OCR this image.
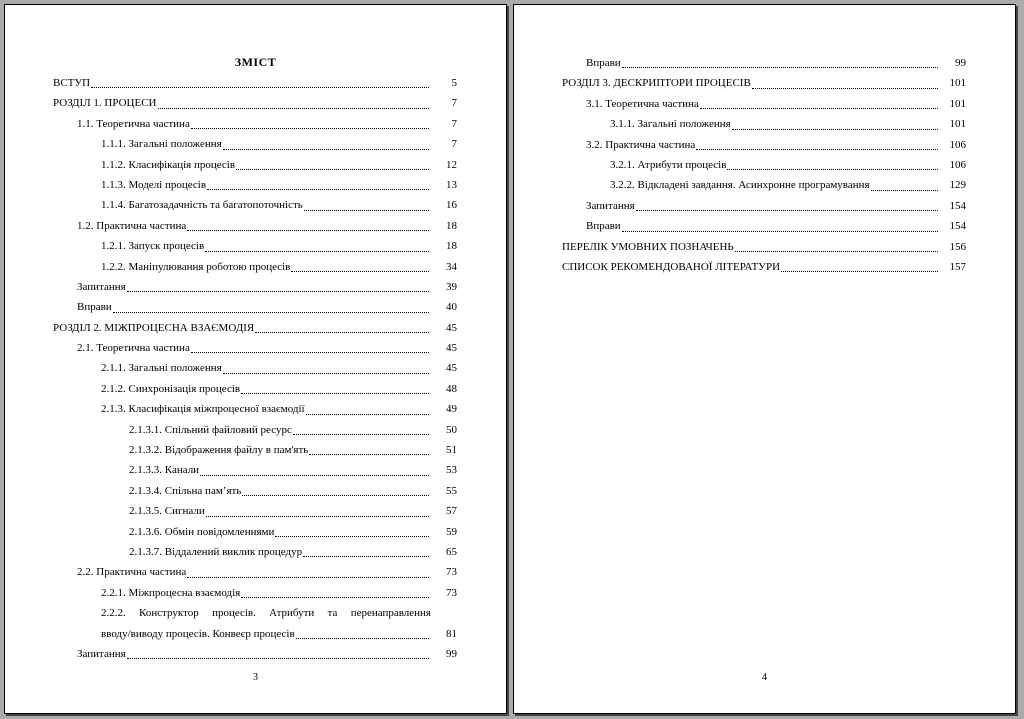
ЗМІСТ
ВСТУП	5
РОЗДІЛ 1. ПРОЦЕСИ	7
1.1. Теоретична частина	7
1.1.1. Загальні положення	7
1.1.2. Класифікація процесів	12
1.1.3. Моделі процесів	13
1.1.4. Багатозадачність та багатопоточність	16
1.2. Практична частина	18
1.2.1. Запуск процесів	18
1.2.2. Маніпулювання роботою процесів	34
Запитання	39
Вправи	40
РОЗДІЛ 2. МІЖПРОЦЕСНА ВЗАЄМОДІЯ	45
2.1. Теоретична частина	45
2.1.1. Загальні положення	45
2.1.2. Синхронізація процесів	48
2.1.3. Класифікація міжпроцесної взаємодії	49
2.1.3.1. Спільний файловий ресурс	50
2.1.3.2. Відображення файлу в пам'ять	51
2.1.3.3. Канали	53
2.1.3.4. Спільна пам’ять	55
2.1.3.5. Сигнали	57
2.1.3.6. Обмін повідомленнями	59
2.1.3.7. Віддалений виклик процедур	65
2.2. Практична частина	73
2.2.1. Міжпроцесна взаємодія	73
2.2.2. Конструктор процесів. Атрибути та перенаправлення
вводу/виводу процесів. Конвеєр процесів	81
Запитання	99
3
Вправи	99
РОЗДІЛ 3. ДЕСКРИПТОРИ ПРОЦЕСІВ	101
3.1. Теоретична частина	101
3.1.1. Загальні положення	101
3.2. Практична частина	106
3.2.1. Атрибути процесів	106
3.2.2. Відкладені завдання. Асинхронне програмування	129
Запитання	154
Вправи	154
ПЕРЕЛІК УМОВНИХ ПОЗНАЧЕНЬ	156
СПИСОК РЕКОМЕНДОВАНОЇ ЛІТЕРАТУРИ	157
4
